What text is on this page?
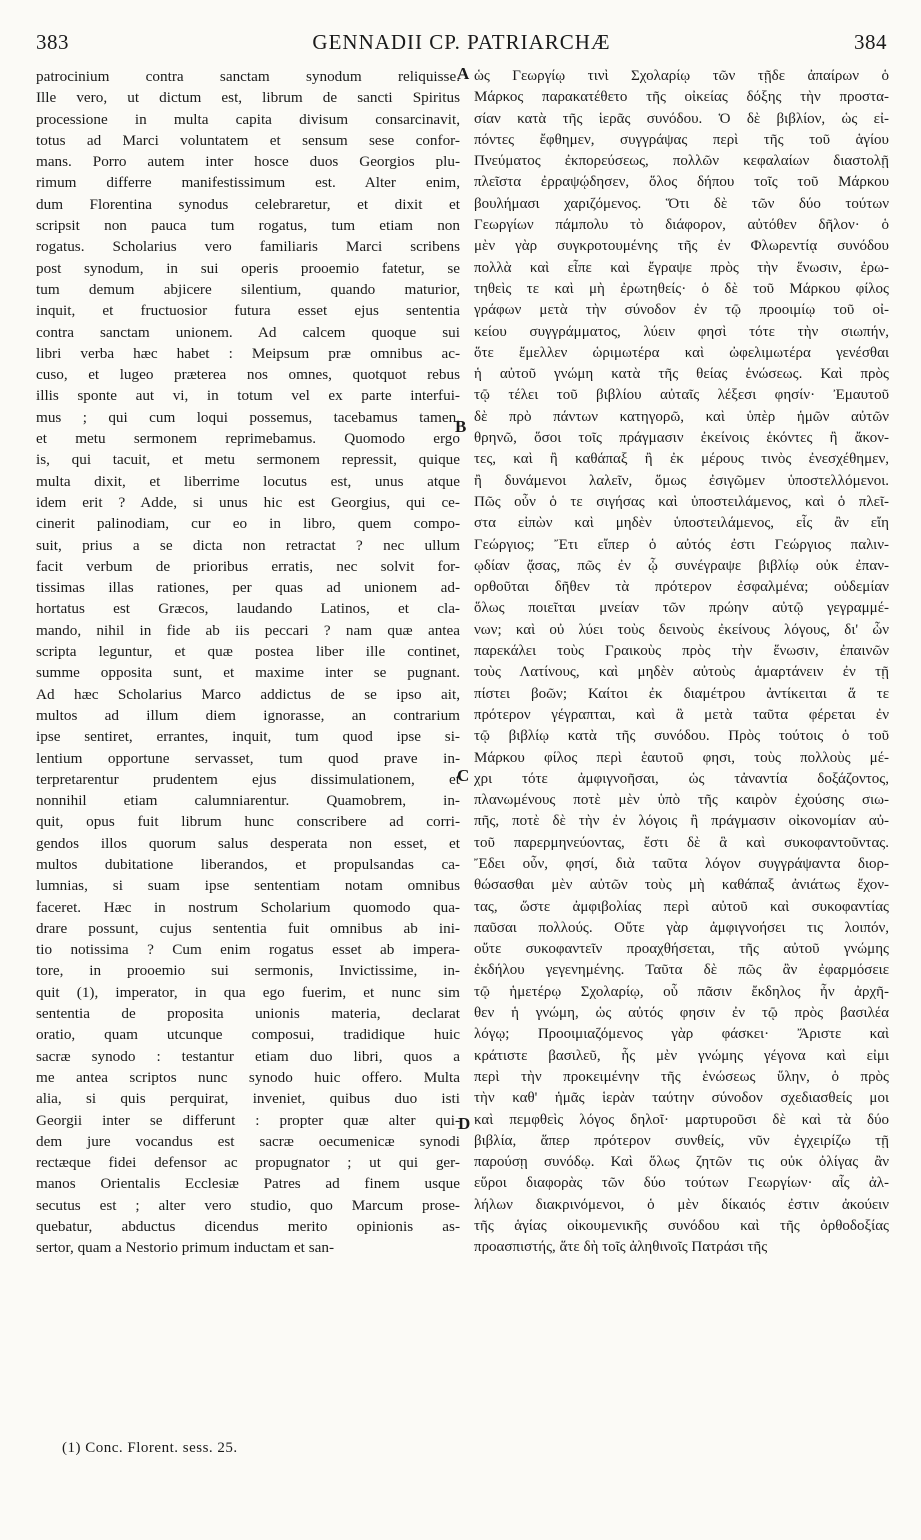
383	GENNADII CP. PATRIARCHÆ	384
patrocinium contra sanctam synodum reliquisse.
Ille vero, ut dictum est, librum de sancti Spiritus
processione in multa capita divisum consarcinavit,
totus ad Marci voluntatem et sensum sese confor-
mans. Porro autem inter hosce duos Georgios plu-
rimum differre manifestissimum est. Alter enim,
dum Florentina synodus celebraretur, et dixit et
scripsit non pauca tum rogatus, tum etiam non
rogatus. Scholarius vero familiaris Marci scribens
post synodum, in sui operis prooemio fatetur, se
tum demum abjicere silentium, quando maturior,
inquit, et fructuosior futura esset ejus sententia
contra sanctam unionem. Ad calcem quoque sui
libri verba hæc habet : Meipsum præ omnibus ac-
cuso, et lugeo præterea nos omnes, quotquot rebus
illis sponte aut vi, in totum vel ex parte interfui-
mus ; qui cum loqui possemus, tacebamus tamen,
et metu sermonem reprimebamus. Quomodo ergo
is, qui tacuit, et metu sermonem repressit, quique
multa dixit, et liberrime locutus est, unus atque
idem erit ? Adde, si unus hic est Georgius, qui ce-
cinerit palinodiam, cur eo in libro, quem compo-
suit, prius a se dicta non retractat ? nec ullum
facit verbum de prioribus erratis, nec solvit for-
tissimas illas rationes, per quas ad unionem ad-
hortatus est Græcos, laudando Latinos, et cla-
mando, nihil in fide ab iis peccari ? nam quæ antea
scripta leguntur, et quæ postea liber ille continet,
summe opposita sunt, et maxime inter se pugnant.
Ad hæc Scholarius Marco addictus de se ipso ait,
multos ad illum diem ignorasse, an contrarium
ipse sentiret, errantes, inquit, tum quod ipse si-
lentium opportune servasset, tum quod prave in-
terpretarentur prudentem ejus dissimulationem, et
nonnihil etiam calumniarentur. Quamobrem, in-
quit, opus fuit librum hunc conscribere ad corri-
gendos illos quorum salus desperata non esset, et
multos dubitatione liberandos, et propulsandas ca-
lumnias, si suam ipse sententiam notam omnibus
faceret. Hæc in nostrum Scholarium quomodo qua-
drare possunt, cujus sententia fuit omnibus ab ini-
tio notissima ? Cum enim rogatus esset ab impera-
tore, in prooemio sui sermonis, Invictissime, in-
quit (1), imperator, in qua ego fuerim, et nunc sim
sententia de proposita unionis materia, declarat
oratio, quam utcunque composui, tradidique huic
sacræ synodo : testantur etiam duo libri, quos a
me antea scriptos nunc synodo huic offero. Multa
alia, si quis perquirat, inveniet, quibus duo isti
Georgii inter se differunt : propter quæ alter qui-
dem jure vocandus est sacræ oecumenicæ synodi
rectæque fidei defensor ac propugnator ; ut qui ger-
manos Orientalis Ecclesiæ Patres ad finem usque
secutus est ; alter vero studio, quo Marcum prose-
quebatur, abductus dicendus merito opinionis as-
sertor, quam a Nestorio primum inductam et san-
ὡς Γεωργίῳ τινὶ Σχολαρίῳ τῶν τῇδε ἀπαίρων ὁ
Μάρκος παρακατέθετο τῆς οἰκείας δόξης τὴν προστα-
σίαν κατὰ τῆς ἱερᾶς συνόδου. Ὁ δὲ βιβλίον, ὡς εἰ-
πόντες ἔφθημεν, συγγράψας περὶ τῆς τοῦ ἁγίου
Πνεύματος ἐκπορεύσεως, πολλῶν κεφαλαίων διαστολῇ
πλεῖστα ἐρραψῴδησεν, ὅλος δήπου τοῖς τοῦ Μάρκου
βουλήμασι χαριζόμενος. Ὅτι δὲ τῶν δύο τούτων
Γεωργίων πάμπολυ τὸ διάφορον, αὐτόθεν δῆλον· ὁ
μὲν γὰρ συγκροτουμένης τῆς ἐν Φλωρεντίᾳ συνόδου
πολλὰ καὶ εἶπε καὶ ἔγραψε πρὸς τὴν ἕνωσιν, ἐρω-
τηθεὶς τε καὶ μὴ ἐρωτηθείς· ὁ δὲ τοῦ Μάρκου φίλος
γράφων μετὰ τὴν σύνοδον ἐν τῷ προοιμίῳ τοῦ οἰ-
κείου συγγράμματος, λύειν φησὶ τότε τὴν σιωπήν,
ὅτε ἔμελλεν ὡριμωτέρα καὶ ὠφελιμωτέρα γενέσθαι
ἡ αὐτοῦ γνώμη κατὰ τῆς θείας ἑνώσεως. Καὶ πρὸς
τῷ τέλει τοῦ βιβλίου αὐταῖς λέξεσι φησίν· Ἐμαυτοῦ
δὲ πρὸ πάντων κατηγορῶ, καὶ ὑπὲρ ἡμῶν αὐτῶν
θρηνῶ, ὅσοι τοῖς πράγμασιν ἐκείνοις ἑκόντες ἢ ἄκον-
τες, καὶ ἢ καθάπαξ ἢ ἐκ μέρους τινὸς ἐνεσχέθημεν,
ἢ δυνάμενοι λαλεῖν, ὅμως ἐσιγῶμεν ὑποστελλόμενοι.
Πῶς οὖν ὁ τε σιγήσας καὶ ὑποστειλάμενος, καὶ ὁ πλεῖ-
στα εἰπὼν καὶ μηδὲν ὑποστειλάμενος, εἷς ἂν εἴη
Γεώργιος; Ἔτι εἴπερ ὁ αὐτός ἐστι Γεώργιος παλιν-
ῳδίαν ᾄσας, πῶς ἐν ᾧ συνέγραψε βιβλίῳ οὐκ ἐπαν-
ορθοῦται δῆθεν τὰ πρότερον ἐσφαλμένα; οὐδεμίαν
ὅλως ποιεῖται μνείαν τῶν πρώην αὐτῷ γεγραμμέ-
νων; καὶ οὐ λύει τοὺς δεινοὺς ἐκείνους λόγους, δι' ὧν
παρεκάλει τοὺς Γραικοὺς πρὸς τὴν ἕνωσιν, ἐπαινῶν
τοὺς Λατίνους, καὶ μηδὲν αὐτοὺς ἁμαρτάνειν ἐν τῇ
πίστει βοῶν; Καίτοι ἐκ διαμέτρου ἀντίκειται ἅ τε
πρότερον γέγραπται, καὶ ἃ μετὰ ταῦτα φέρεται ἐν
τῷ βιβλίῳ κατὰ τῆς συνόδου. Πρὸς τούτοις ὁ τοῦ
Μάρκου φίλος περὶ ἑαυτοῦ φησι, τοὺς πολλοὺς μέ-
χρι τότε ἀμφιγνοῆσαι, ὡς τἀναντία δοξάζοντος,
πλανωμένους ποτὲ μὲν ὑπὸ τῆς καιρὸν ἐχούσης σιω-
πῆς, ποτὲ δὲ τὴν ἐν λόγοις ἢ πράγμασιν οἰκονομίαν αὐ-
τοῦ παρερμηνεύοντας, ἔστι δὲ ἃ καὶ συκοφαντοῦντας.
Ἔδει οὖν, φησί, διὰ ταῦτα λόγον συγγράψαντα διορ-
θώσασθαι μὲν αὐτῶν τοὺς μὴ καθάπαξ ἀνιάτως ἔχον-
τας, ὥστε ἀμφιβολίας περὶ αὐτοῦ καὶ συκοφαντίας
παῦσαι πολλούς. Οὔτε γὰρ ἀμφιγνοήσει τις λοιπόν,
οὔτε συκοφαντεῖν προαχθήσεται, τῆς αὐτοῦ γνώμης
ἐκδήλου γεγενημένης. Ταῦτα δὲ πῶς ἂν ἐφαρμόσειε
τῷ ἡμετέρῳ Σχολαρίῳ, οὗ πᾶσιν ἔκδηλος ἦν ἀρχῆ-
θεν ἡ γνώμη, ὡς αὐτός φησιν ἐν τῷ πρὸς βασιλέα
λόγῳ; Προοιμιαζόμενος γὰρ φάσκει· Ἄριστε καὶ
κράτιστε βασιλεῦ, ἧς μὲν γνώμης γέγονα καὶ εἰμι
περὶ τὴν προκειμένην τῆς ἑνώσεως ὕλην, ὁ πρὸς
τὴν καθ' ἡμᾶς ἱερὰν ταύτην σύνοδον σχεδιασθείς μοι
καὶ πεμφθεὶς λόγος δηλοῖ· μαρτυροῦσι δὲ καὶ τὰ δύο
βιβλία, ἅπερ πρότερον συνθείς, νῦν ἐγχειρίζω τῇ
παρούσῃ συνόδῳ. Καὶ ὅλως ζητῶν τις οὐκ ὀλίγας ἂν
εὕροι διαφορὰς τῶν δύο τούτων Γεωργίων· αἷς ἀλ-
λήλων διακρινόμενοι, ὁ μὲν δίκαιός ἐστιν ἀκούειν
τῆς ἁγίας οἰκουμενικῆς συνόδου καὶ τῆς ὀρθοδοξίας
προασπιστής, ἅτε δὴ τοῖς ἀληθινοῖς Πατράσι τῆς
A
B
C
D
(1) Conc. Florent. sess. 25.
